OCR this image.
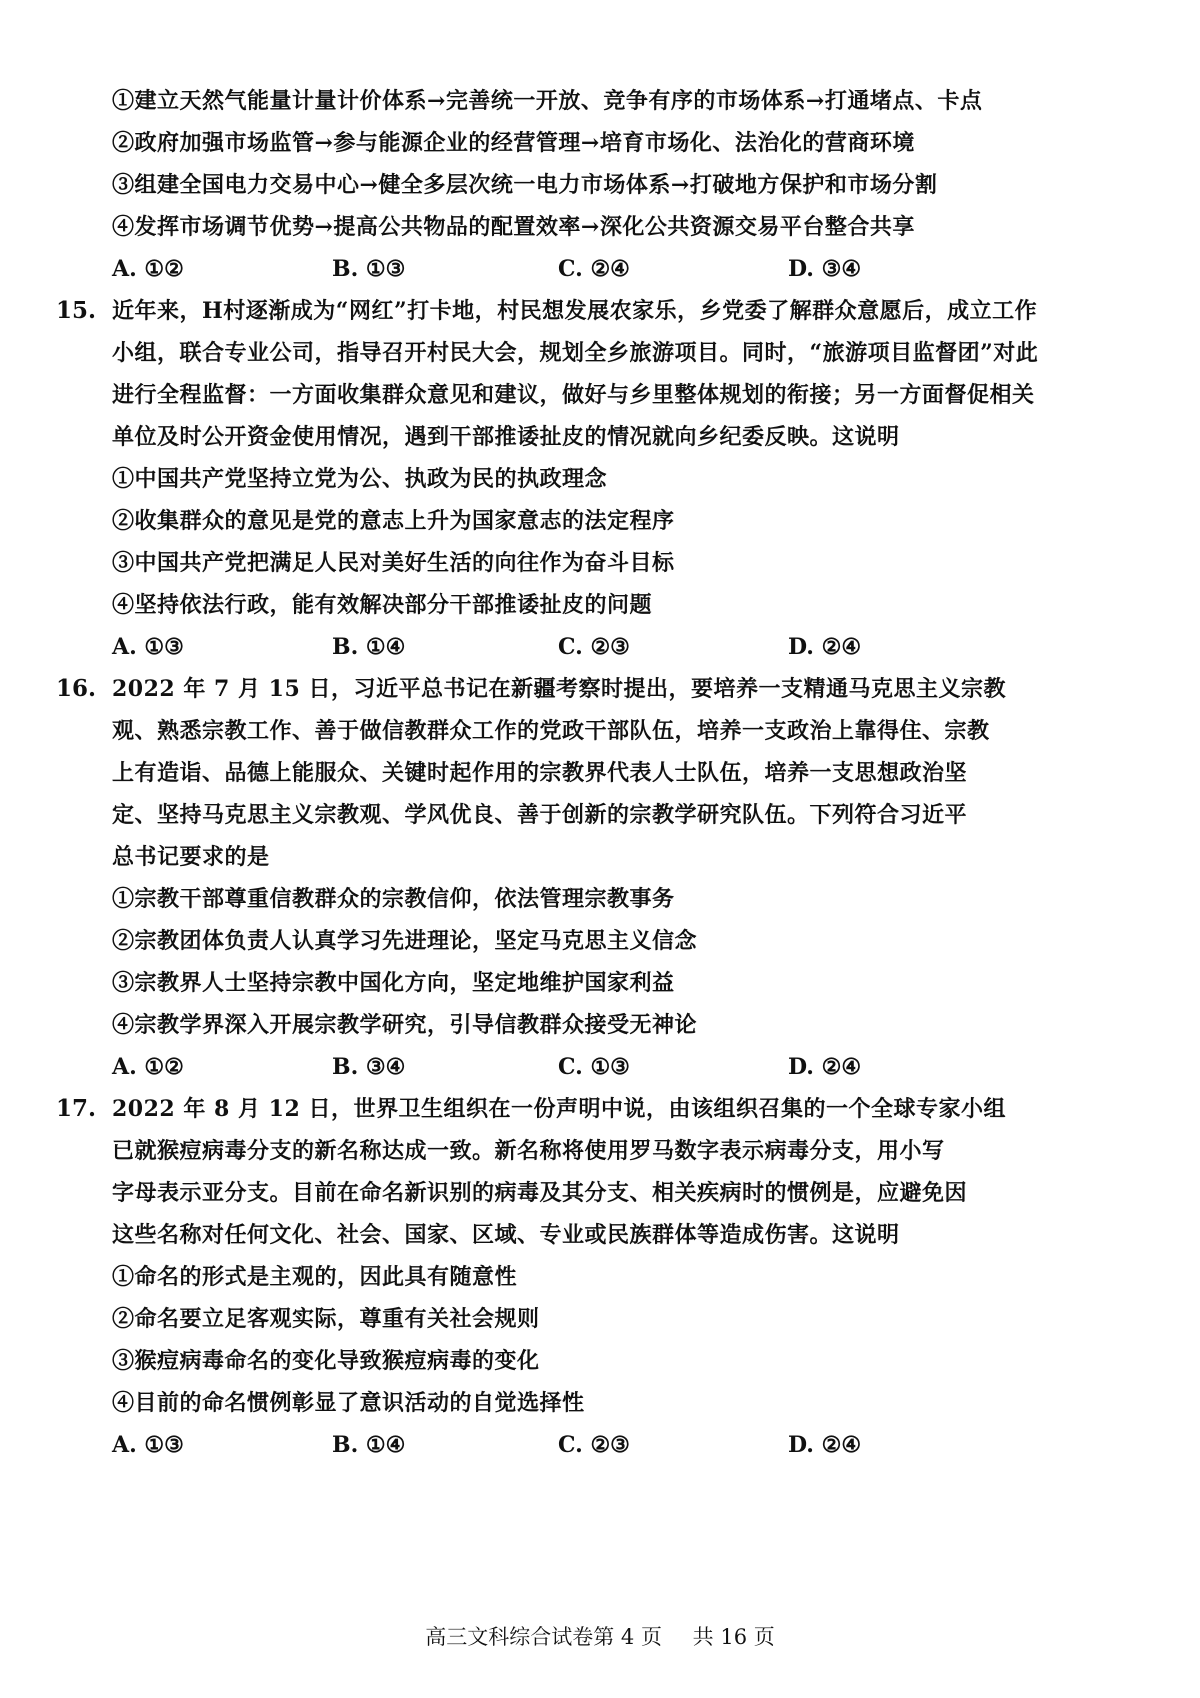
①建立天然气能量计量计价体系→完善统一开放、竞争有序的市场体系→打通堵点、卡点
②政府加强市场监管→参与能源企业的经营管理→培育市场化、法治化的营商环境
③组建全国电力交易中心→健全多层次统一电力市场体系→打破地方保护和市场分割
④发挥市场调节优势→提高公共物品的配置效率→深化公共资源交易平台整合共享
A. ①②	B. ①③	C. ②④	D. ③④
15. 近年来，H村逐渐成为“网红”打卡地，村民想发展农家乐，乡党委了解群众意愿后，成立工作
小组，联合专业公司，指导召开村民大会，规划全乡旅游项目。同时，“旅游项目监督团”对此
进行全程监督：一方面收集群众意见和建议，做好与乡里整体规划的衔接；另一方面督促相关
单位及时公开资金使用情况，遇到干部推诿扯皮的情况就向乡纪委反映。这说明
①中国共产党坚持立党为公、执政为民的执政理念
②收集群众的意见是党的意志上升为国家意志的法定程序
③中国共产党把满足人民对美好生活的向往作为奋斗目标
④坚持依法行政，能有效解决部分干部推诿扯皮的问题
A. ①③	B. ①④	C. ②③	D. ②④
16. 2022 年 7 月 15 日，习近平总书记在新疆考察时提出，要培养一支精通马克思主义宗教
观、熟悉宗教工作、善于做信教群众工作的党政干部队伍，培养一支政治上靠得住、宗教
上有造诣、品德上能服众、关键时起作用的宗教界代表人士队伍，培养一支思想政治坚
定、坚持马克思主义宗教观、学风优良、善于创新的宗教学研究队伍。下列符合习近平
总书记要求的是
①宗教干部尊重信教群众的宗教信仰，依法管理宗教事务
②宗教团体负责人认真学习先进理论，坚定马克思主义信念
③宗教界人士坚持宗教中国化方向，坚定地维护国家利益
④宗教学界深入开展宗教学研究，引导信教群众接受无神论
A. ①②	B. ③④	C. ①③	D. ②④
17. 2022 年 8 月 12 日，世界卫生组织在一份声明中说，由该组织召集的一个全球专家小组
已就猴痘病毒分支的新名称达成一致。新名称将使用罗马数字表示病毒分支，用小写
字母表示亚分支。目前在命名新识别的病毒及其分支、相关疾病时的惯例是，应避免因
这些名称对任何文化、社会、国家、区域、专业或民族群体等造成伤害。这说明
①命名的形式是主观的，因此具有随意性
②命名要立足客观实际，尊重有关社会规则
③猴痘病毒命名的变化导致猴痘病毒的变化
④目前的命名惯例彰显了意识活动的自觉选择性
A. ①③	B. ①④	C. ②③	D. ②④
高三文科综合试卷第 4 页 共 16 页
